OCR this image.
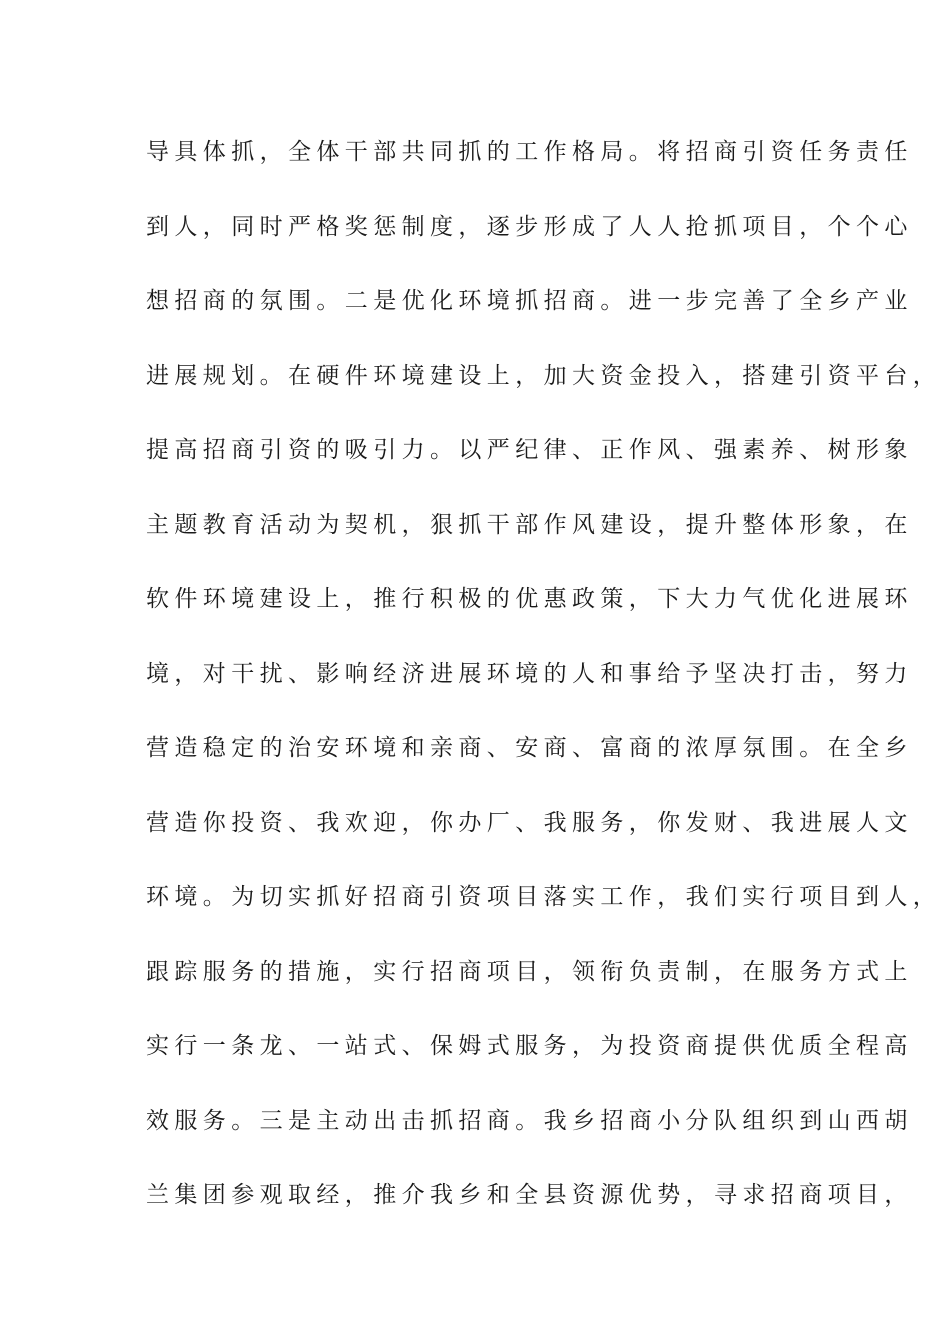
导具体抓，全体干部共同抓的工作格局。将招商引资任务责任
到人，同时严格奖惩制度，逐步形成了人人抢抓项目，个个心
想招商的氛围。二是优化环境抓招商。进一步完善了全乡产业
进展规划。在硬件环境建设上，加大资金投入，搭建引资平台，
提高招商引资的吸引力。以严纪律、正作风、强素养、树形象
主题教育活动为契机，狠抓干部作风建设，提升整体形象，在
软件环境建设上，推行积极的优惠政策，下大力气优化进展环
境，对干扰、影响经济进展环境的人和事给予坚决打击，努力
营造稳定的治安环境和亲商、安商、富商的浓厚氛围。在全乡
营造你投资、我欢迎，你办厂、我服务，你发财、我进展人文
环境。为切实抓好招商引资项目落实工作，我们实行项目到人，
跟踪服务的措施，实行招商项目，领衔负责制，在服务方式上
实行一条龙、一站式、保姆式服务，为投资商提供优质全程高
效服务。三是主动出击抓招商。我乡招商小分队组织到山西胡
兰集团参观取经，推介我乡和全县资源优势，寻求招商项目，
